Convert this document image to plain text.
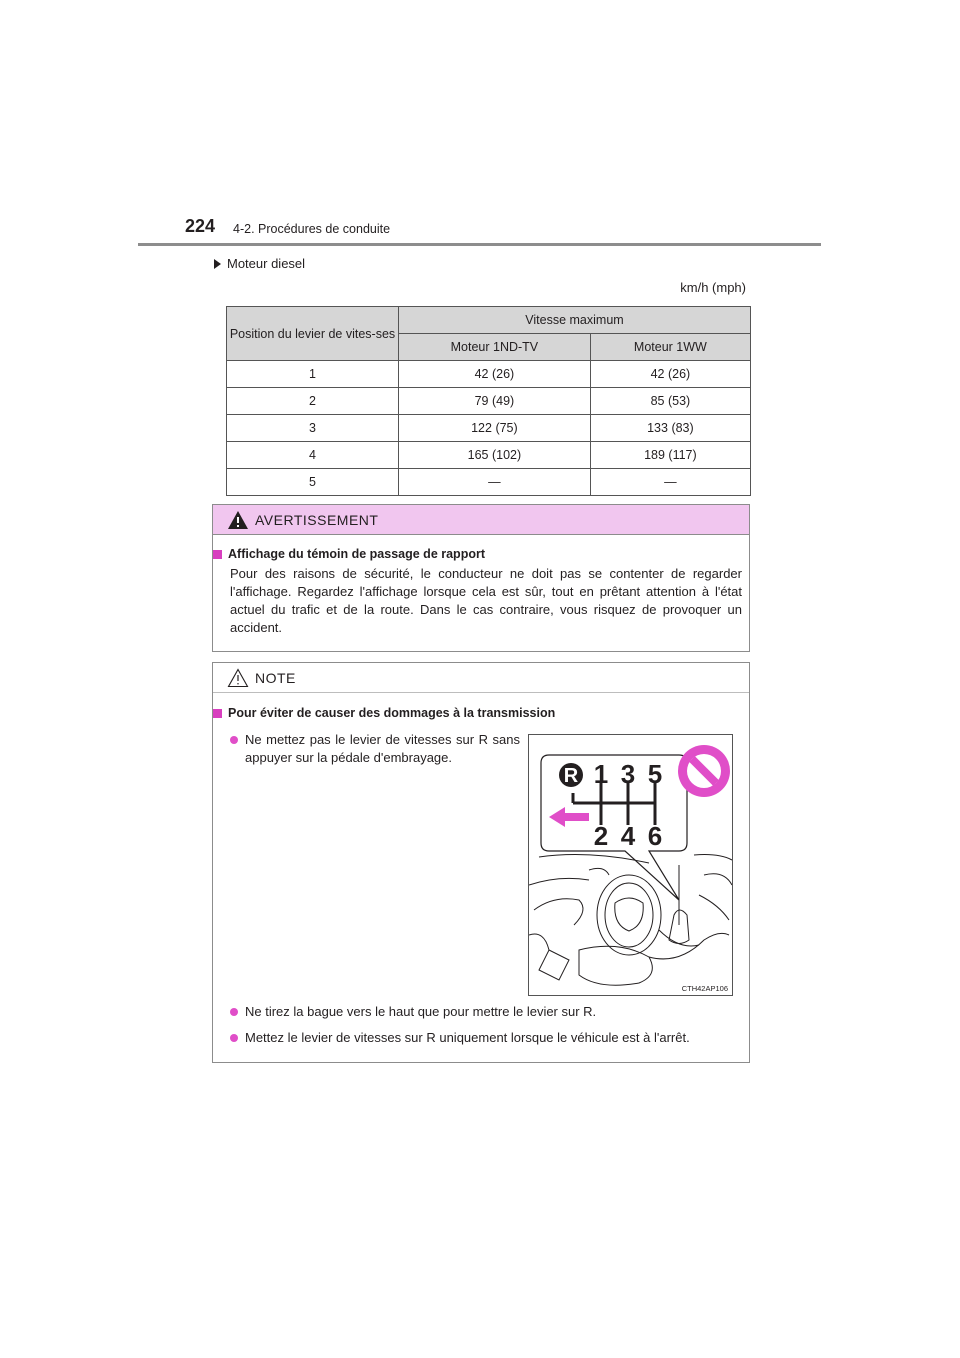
224 4-2. Procédures de conduite
Moteur diesel
km/h (mph)
Position du levier de vites-ses	Vitesse maximum	
	Moteur 1ND-TV	Moteur 1WW
1	42 (26)	42 (26)
2	79 (49)	85 (53)
3	122 (75)	133 (83)
4	165 (102)	189 (117)
5	—	—
AVERTISSEMENT
Affichage du témoin de passage de rapport
Pour des raisons de sécurité, le conducteur ne doit pas se contenter de regarder l'affichage. Regardez l'affichage lorsque cela est sûr, tout en prêtant attention à l'état actuel du trafic et de la route. Dans le cas contraire, vous risquez de provoquer un accident.
NOTE
Pour éviter de causer des dommages à la transmission
Ne mettez pas le levier de vitesses sur R sans appuyer sur la pédale d'embrayage.
R 1 3 5
2 4 6
CTH42AP106
Ne tirez la bague vers le haut que pour mettre le levier sur R.
Mettez le levier de vitesses sur R uniquement lorsque le véhicule est à l'arrêt.
